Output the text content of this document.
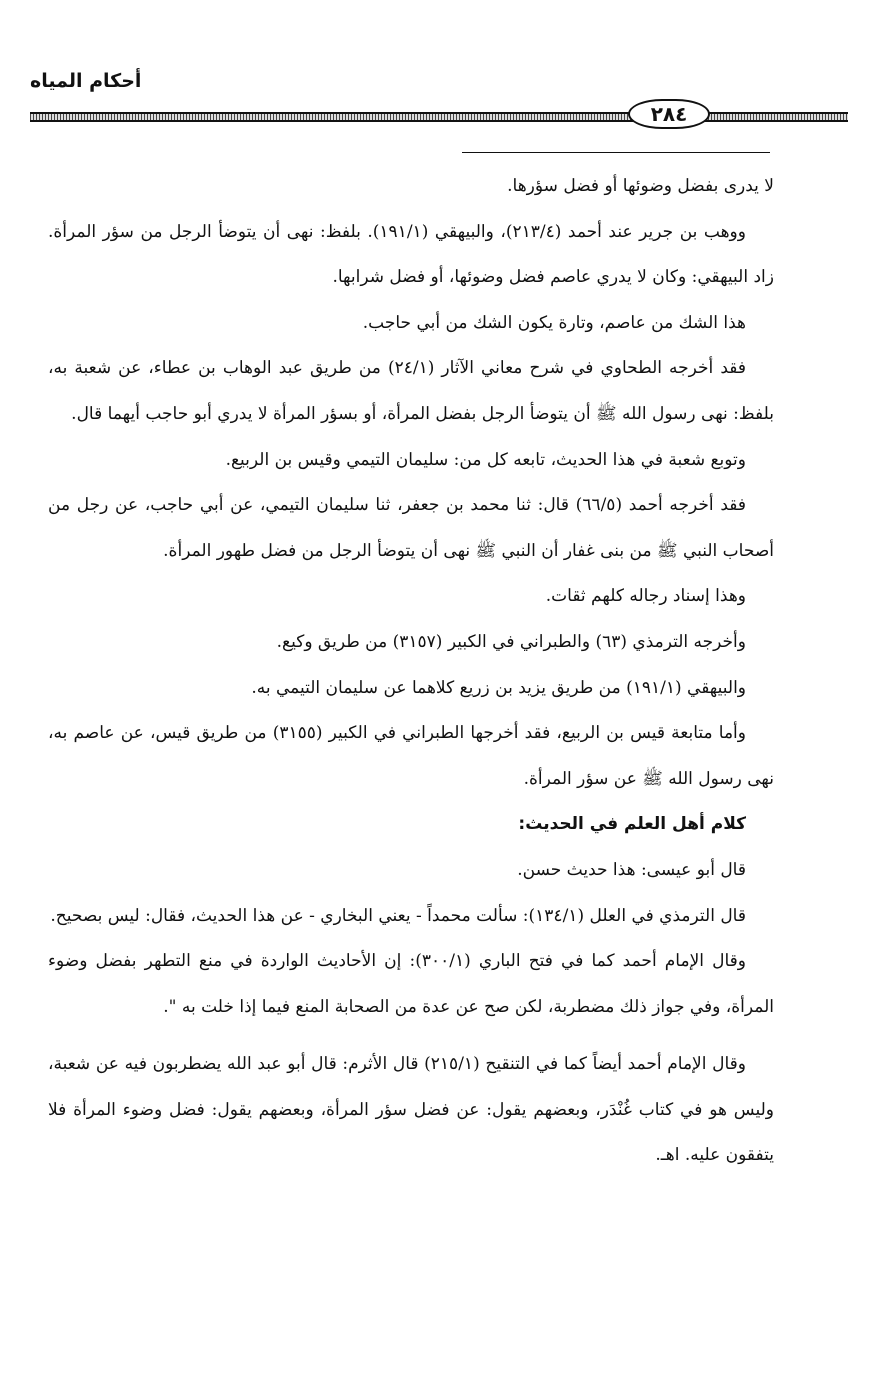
أحكام المياه
٢٨٤

لا يدرى بفضل وضوئها أو فضل سؤرها.

ووهب بن جرير عند أحمد (٢١٣/٤)، والبيهقي (١٩١/١). بلفظ: نهى أن يتوضأ الرجل من سؤر المرأة. زاد البيهقي: وكان لا يدري عاصم فضل وضوئها، أو فضل شرابها.

هذا الشك من عاصم، وتارة يكون الشك من أبي حاجب.

فقد أخرجه الطحاوي في شرح معاني الآثار (٢٤/١) من طريق عبد الوهاب بن عطاء، عن شعبة به، بلفظ: نهى رسول الله ﷺ أن يتوضأ الرجل بفضل المرأة، أو بسؤر المرأة لا يدري أبو حاجب أيهما قال.

وتوبع شعبة في هذا الحديث، تابعه كل من: سليمان التيمي وقيس بن الربيع.

فقد أخرجه أحمد (٦٦/٥) قال: ثنا محمد بن جعفر، ثنا سليمان التيمي، عن أبي حاجب، عن رجل من أصحاب النبي ﷺ من بنى غفار أن النبي ﷺ نهى أن يتوضأ الرجل من فضل طهور المرأة.

وهذا إسناد رجاله كلهم ثقات.

وأخرجه الترمذي (٦٣) والطبراني في الكبير (٣١٥٧) من طريق وكيع.

والبيهقي (١٩١/١) من طريق يزيد بن زريع كلاهما عن سليمان التيمي به.

وأما متابعة قيس بن الربيع، فقد أخرجها الطبراني في الكبير (٣١٥٥) من طريق قيس، عن عاصم به، نهى رسول الله ﷺ عن سؤر المرأة.

كلام أهل العلم في الحديث:

قال أبو عيسى: هذا حديث حسن.

قال الترمذي في العلل (١٣٤/١): سألت محمداً - يعني البخاري - عن هذا الحديث، فقال: ليس بصحيح.

وقال الإمام أحمد كما في فتح الباري (٣٠٠/١): إن الأحاديث الواردة في منع التطهر بفضل وضوء المرأة، وفي جواز ذلك مضطربة، لكن صح عن عدة من الصحابة المنع فيما إذا خلت به ".

وقال الإمام أحمد أيضاً كما في التنقيح (٢١٥/١) قال الأثرم: قال أبو عبد الله يضطربون فيه عن شعبة، وليس هو في كتاب غُنْدَر، وبعضهم يقول: عن فضل سؤر المرأة، وبعضهم يقول: فضل وضوء المرأة فلا يتفقون عليه. اهـ.
